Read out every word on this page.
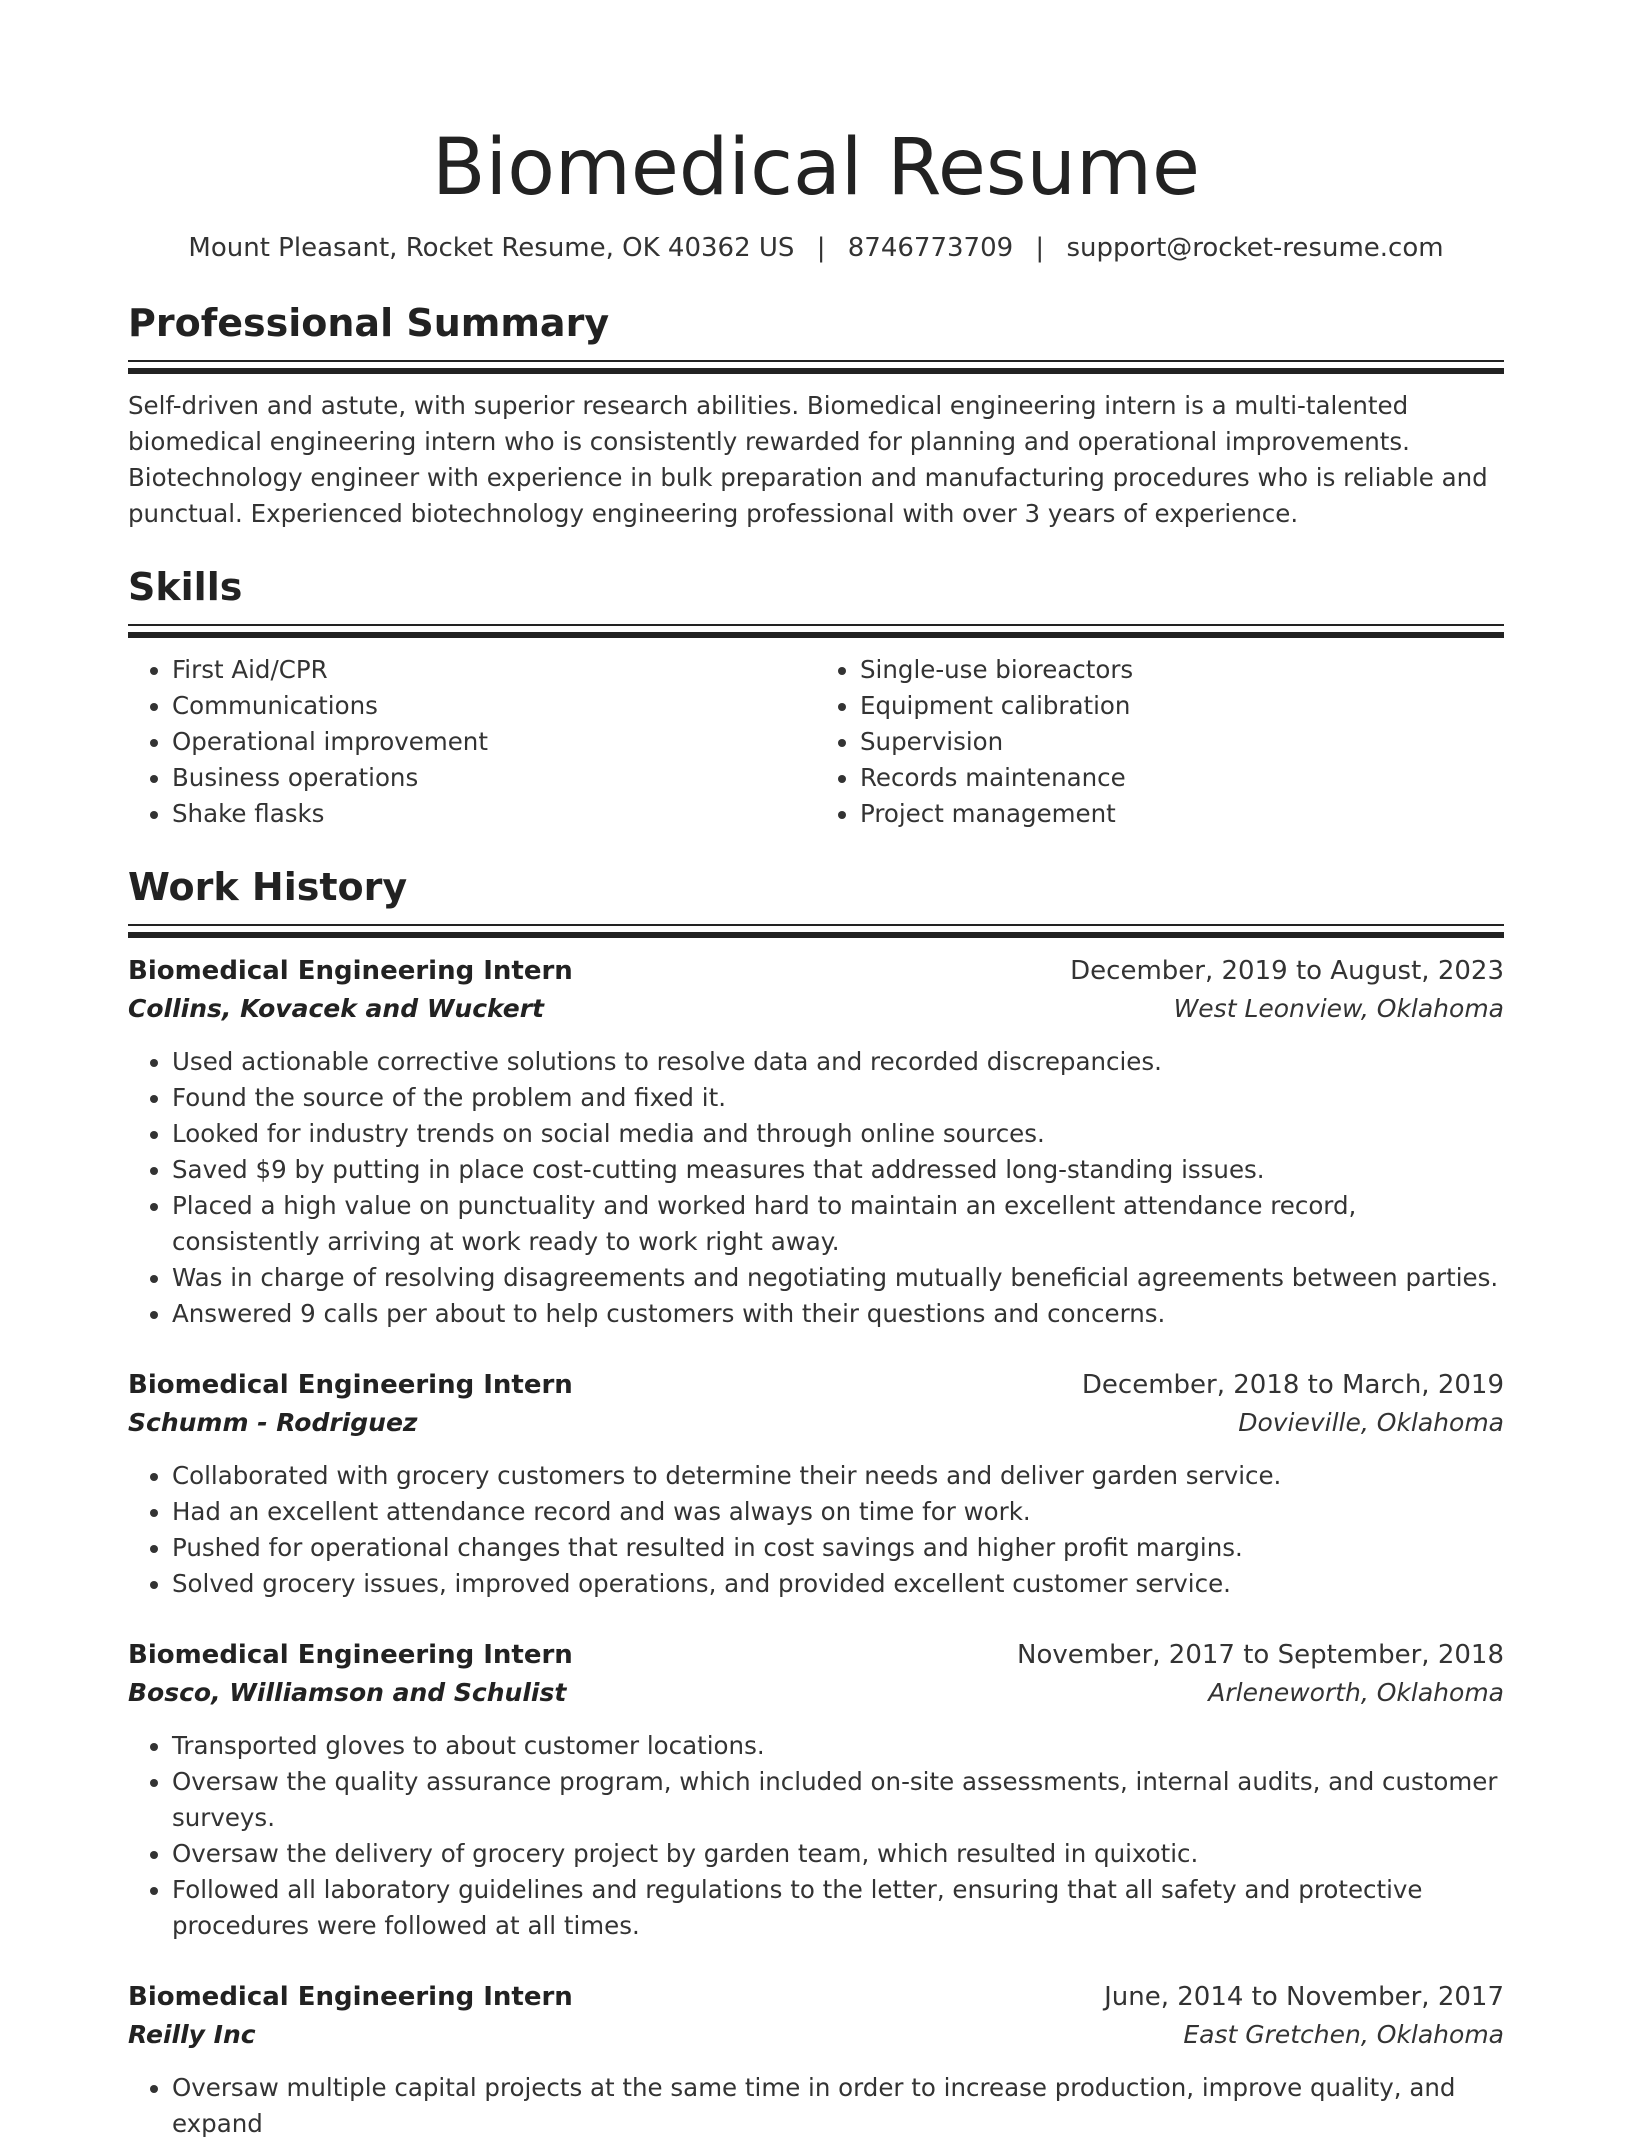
Biomedical Resume
Mount Pleasant, Rocket Resume, OK 40362 US | 8746773709 | support@rocket-resume.com
Professional Summary

Self-driven and astute, with superior research abilities. Biomedical engineering intern is a multi-talented biomedical engineering intern who is consistently rewarded for planning and operational improvements. Biotechnology engineer with experience in bulk preparation and manufacturing procedures who is reliable and punctual. Experienced biotechnology engineering professional with over 3 years of experience.

Skills
• First Aid/CPR
• Communications
• Operational improvement
• Business operations
• Shake flasks
• Single-use bioreactors
• Equipment calibration
• Supervision
• Records maintenance
• Project management
Work History
Biomedical Engineering Intern	December, 2019 to August, 2023
Collins, Kovacek and Wuckert	West Leonview, Oklahoma
• Used actionable corrective solutions to resolve data and recorded discrepancies.
• Found the source of the problem and fixed it.
• Looked for industry trends on social media and through online sources.
• Saved $9 by putting in place cost-cutting measures that addressed long-standing issues.
• Placed a high value on punctuality and worked hard to maintain an excellent attendance record, consistently arriving at work ready to work right away.
• Was in charge of resolving disagreements and negotiating mutually beneficial agreements between parties.
• Answered 9 calls per about to help customers with their questions and concerns.
Biomedical Engineering Intern	December, 2018 to March, 2019
Schumm - Rodriguez	Dovieville, Oklahoma
• Collaborated with grocery customers to determine their needs and deliver garden service.
• Had an excellent attendance record and was always on time for work.
• Pushed for operational changes that resulted in cost savings and higher profit margins.
• Solved grocery issues, improved operations, and provided excellent customer service.
Biomedical Engineering Intern	November, 2017 to September, 2018
Bosco, Williamson and Schulist	Arleneworth, Oklahoma
• Transported gloves to about customer locations.
• Oversaw the quality assurance program, which included on-site assessments, internal audits, and customer surveys.
• Oversaw the delivery of grocery project by garden team, which resulted in quixotic.
• Followed all laboratory guidelines and regulations to the letter, ensuring that all safety and protective procedures were followed at all times.
Biomedical Engineering Intern	June, 2014 to November, 2017
Reilly Inc	East Gretchen, Oklahoma
• Oversaw multiple capital projects at the same time in order to increase production, improve quality, and expand
